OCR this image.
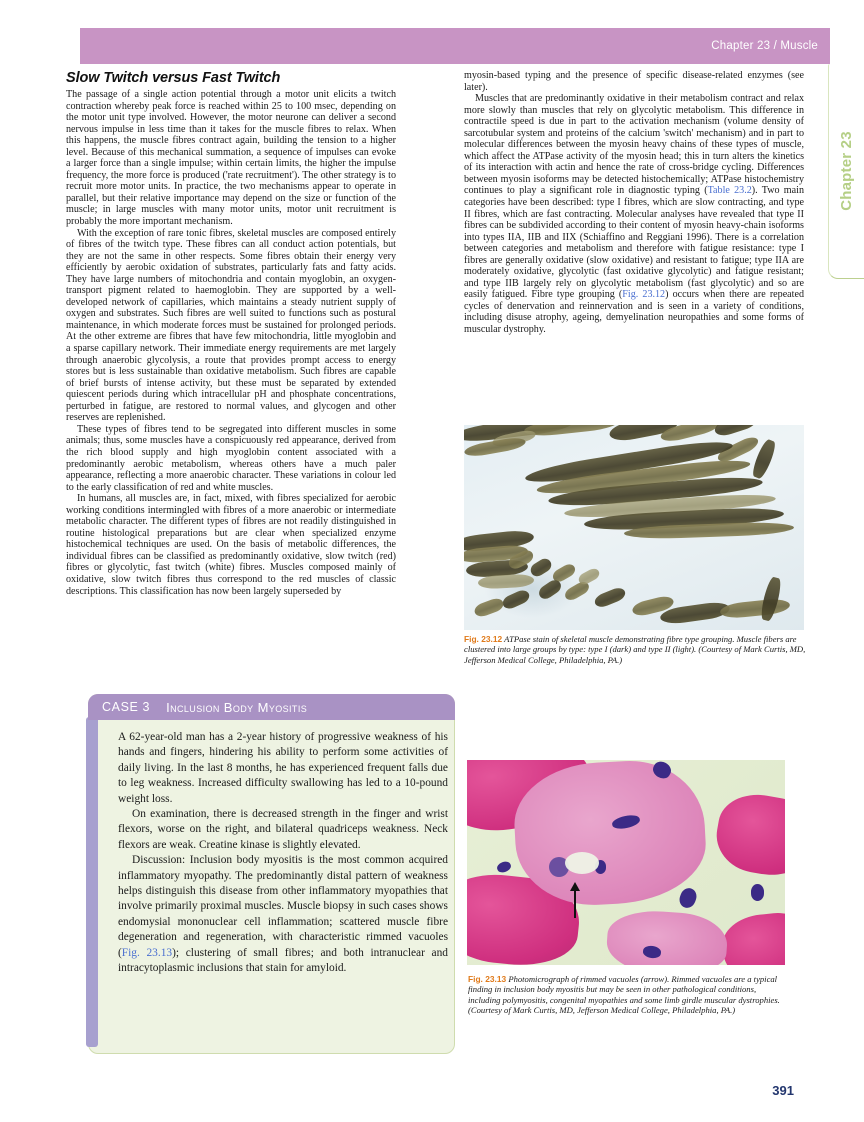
Chapter 23 / Muscle
Chapter 23
Slow Twitch versus Fast Twitch

The passage of a single action potential through a motor unit elicits a twitch contraction whereby peak force is reached within 25 to 100 msec, depending on the motor unit type involved. However, the motor neurone can deliver a second nervous impulse in less time than it takes for the muscle fibres to relax. When this happens, the muscle fibres contract again, building the tension to a higher level. Because of this mechanical summation, a sequence of impulses can evoke a larger force than a single impulse; within certain limits, the higher the impulse frequency, the more force is produced ('rate recruitment'). The other strategy is to recruit more motor units. In practice, the two mechanisms appear to operate in parallel, but their relative importance may depend on the size or function of the muscle; in large muscles with many motor units, motor unit recruitment is probably the more important mechanism.

With the exception of rare tonic fibres, skeletal muscles are composed entirely of fibres of the twitch type. These fibres can all conduct action potentials, but they are not the same in other respects. Some fibres obtain their energy very efficiently by aerobic oxidation of substrates, particularly fats and fatty acids. They have large numbers of mitochondria and contain myoglobin, an oxygen-transport pigment related to haemoglobin. They are supported by a well-developed network of capillaries, which maintains a steady nutrient supply of oxygen and substrates. Such fibres are well suited to functions such as postural maintenance, in which moderate forces must be sustained for prolonged periods. At the other extreme are fibres that have few mitochondria, little myoglobin and a sparse capillary network. Their immediate energy requirements are met largely through anaerobic glycolysis, a route that provides prompt access to energy stores but is less sustainable than oxidative metabolism. Such fibres are capable of brief bursts of intense activity, but these must be separated by extended quiescent periods during which intracellular pH and phosphate concentrations, perturbed in fatigue, are restored to normal values, and glycogen and other reserves are replenished.

These types of fibres tend to be segregated into different muscles in some animals; thus, some muscles have a conspicuously red appearance, derived from the rich blood supply and high myoglobin content associated with a predominantly aerobic metabolism, whereas others have a much paler appearance, reflecting a more anaerobic character. These variations in colour led to the early classification of red and white muscles.

In humans, all muscles are, in fact, mixed, with fibres specialized for aerobic working conditions intermingled with fibres of a more anaerobic or intermediate metabolic character. The different types of fibres are not readily distinguished in routine histological preparations but are clear when specialized enzyme histochemical techniques are used. On the basis of metabolic differences, the individual fibres can be classified as predominantly oxidative, slow twitch (red) fibres or glycolytic, fast twitch (white) fibres. Muscles composed mainly of oxidative, slow twitch fibres thus correspond to the red muscles of classic descriptions. This classification has now been largely superseded by

myosin-based typing and the presence of specific disease-related enzymes (see later).

Muscles that are predominantly oxidative in their metabolism contract and relax more slowly than muscles that rely on glycolytic metabolism. This difference in contractile speed is due in part to the activation mechanism (volume density of sarcotubular system and proteins of the calcium 'switch' mechanism) and in part to molecular differences between the myosin heavy chains of these types of muscle, which affect the ATPase activity of the myosin head; this in turn alters the kinetics of its interaction with actin and hence the rate of cross-bridge cycling. Differences between myosin isoforms may be detected histochemically; ATPase histochemistry continues to play a significant role in diagnostic typing (Table 23.2). Two main categories have been described: type I fibres, which are slow contracting, and type II fibres, which are fast contracting. Molecular analyses have revealed that type II fibres can be subdivided according to their content of myosin heavy-chain isoforms into types IIA, IIB and IIX (Schiaffino and Reggiani 1996). There is a correlation between categories and metabolism and therefore with fatigue resistance: type I fibres are generally oxidative (slow oxidative) and resistant to fatigue; type IIA are moderately oxidative, glycolytic (fast oxidative glycolytic) and fatigue resistant; and type IIB largely rely on glycolytic metabolism (fast glycolytic) and so are easily fatigued. Fibre type grouping (Fig. 23.12) occurs when there are repeated cycles of denervation and reinnervation and is seen in a variety of conditions, including disuse atrophy, ageing, demyelination neuropathies and some forms of muscular dystrophy.

Fig. 23.12 ATPase stain of skeletal muscle demonstrating fibre type grouping. Muscle fibers are clustered into large groups by type: type I (dark) and type II (light). (Courtesy of Mark Curtis, MD, Jefferson Medical College, Philadelphia, PA.)
CASE 3 Inclusion Body Myositis

A 62-year-old man has a 2-year history of progressive weakness of his hands and fingers, hindering his ability to perform some activities of daily living. In the last 8 months, he has experienced frequent falls due to leg weakness. Increased difficulty swallowing has led to a 10-pound weight loss.

On examination, there is decreased strength in the finger and wrist flexors, worse on the right, and bilateral quadriceps weakness. Neck flexors are weak. Creatine kinase is slightly elevated.

Discussion: Inclusion body myositis is the most common acquired inflammatory myopathy. The predominantly distal pattern of weakness helps distinguish this disease from other inflammatory myopathies that involve primarily proximal muscles. Muscle biopsy in such cases shows endomysial mononuclear cell inflammation; scattered muscle fibre degeneration and regeneration, with characteristic rimmed vacuoles (Fig. 23.13); clustering of small fibres; and both intranuclear and intracytoplasmic inclusions that stain for amyloid.

Fig. 23.13 Photomicrograph of rimmed vacuoles (arrow). Rimmed vacuoles are a typical finding in inclusion body myositis but may be seen in other pathological conditions, including polymyositis, congenital myopathies and some limb girdle muscular dystrophies. (Courtesy of Mark Curtis, MD, Jefferson Medical College, Philadelphia, PA.)
391
